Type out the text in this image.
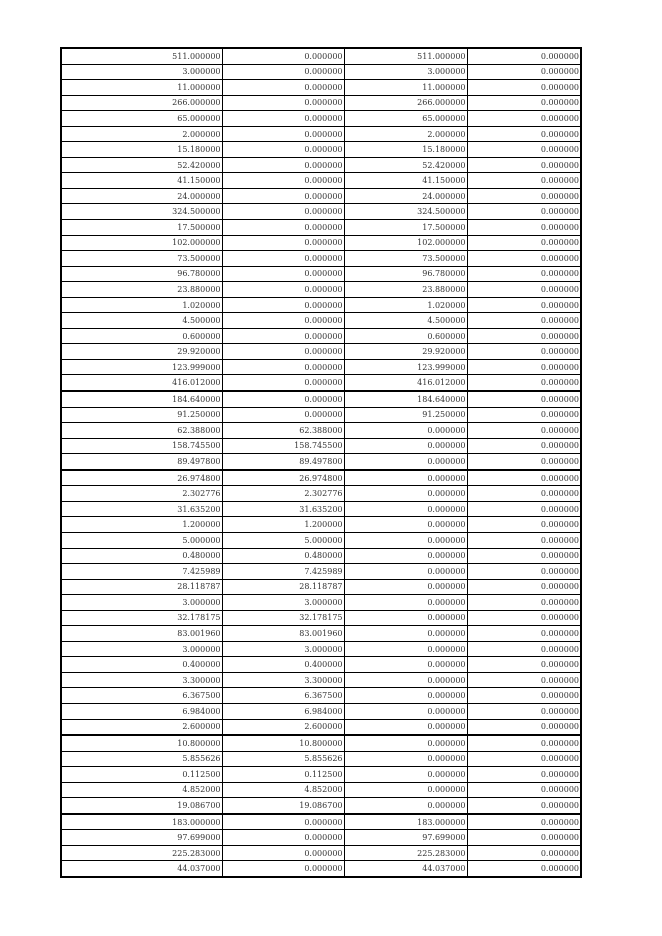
511.000000	0.000000	511.000000	0.000000
3.000000	0.000000	3.000000	0.000000
11.000000	0.000000	11.000000	0.000000
266.000000	0.000000	266.000000	0.000000
65.000000	0.000000	65.000000	0.000000
2.000000	0.000000	2.000000	0.000000
15.180000	0.000000	15.180000	0.000000
52.420000	0.000000	52.420000	0.000000
41.150000	0.000000	41.150000	0.000000
24.000000	0.000000	24.000000	0.000000
324.500000	0.000000	324.500000	0.000000
17.500000	0.000000	17.500000	0.000000
102.000000	0.000000	102.000000	0.000000
73.500000	0.000000	73.500000	0.000000
96.780000	0.000000	96.780000	0.000000
23.880000	0.000000	23.880000	0.000000
1.020000	0.000000	1.020000	0.000000
4.500000	0.000000	4.500000	0.000000
0.600000	0.000000	0.600000	0.000000
29.920000	0.000000	29.920000	0.000000
123.999000	0.000000	123.999000	0.000000
416.012000	0.000000	416.012000	0.000000
184.640000	0.000000	184.640000	0.000000
91.250000	0.000000	91.250000	0.000000
62.388000	62.388000	0.000000	0.000000
158.745500	158.745500	0.000000	0.000000
89.497800	89.497800	0.000000	0.000000
26.974800	26.974800	0.000000	0.000000
2.302776	2.302776	0.000000	0.000000
31.635200	31.635200	0.000000	0.000000
1.200000	1.200000	0.000000	0.000000
5.000000	5.000000	0.000000	0.000000
0.480000	0.480000	0.000000	0.000000
7.425989	7.425989	0.000000	0.000000
28.118787	28.118787	0.000000	0.000000
3.000000	3.000000	0.000000	0.000000
32.178175	32.178175	0.000000	0.000000
83.001960	83.001960	0.000000	0.000000
3.000000	3.000000	0.000000	0.000000
0.400000	0.400000	0.000000	0.000000
3.300000	3.300000	0.000000	0.000000
6.367500	6.367500	0.000000	0.000000
6.984000	6.984000	0.000000	0.000000
2.600000	2.600000	0.000000	0.000000
10.800000	10.800000	0.000000	0.000000
5.855626	5.855626	0.000000	0.000000
0.112500	0.112500	0.000000	0.000000
4.852000	4.852000	0.000000	0.000000
19.086700	19.086700	0.000000	0.000000
183.000000	0.000000	183.000000	0.000000
97.699000	0.000000	97.699000	0.000000
225.283000	0.000000	225.283000	0.000000
44.037000	0.000000	44.037000	0.000000
